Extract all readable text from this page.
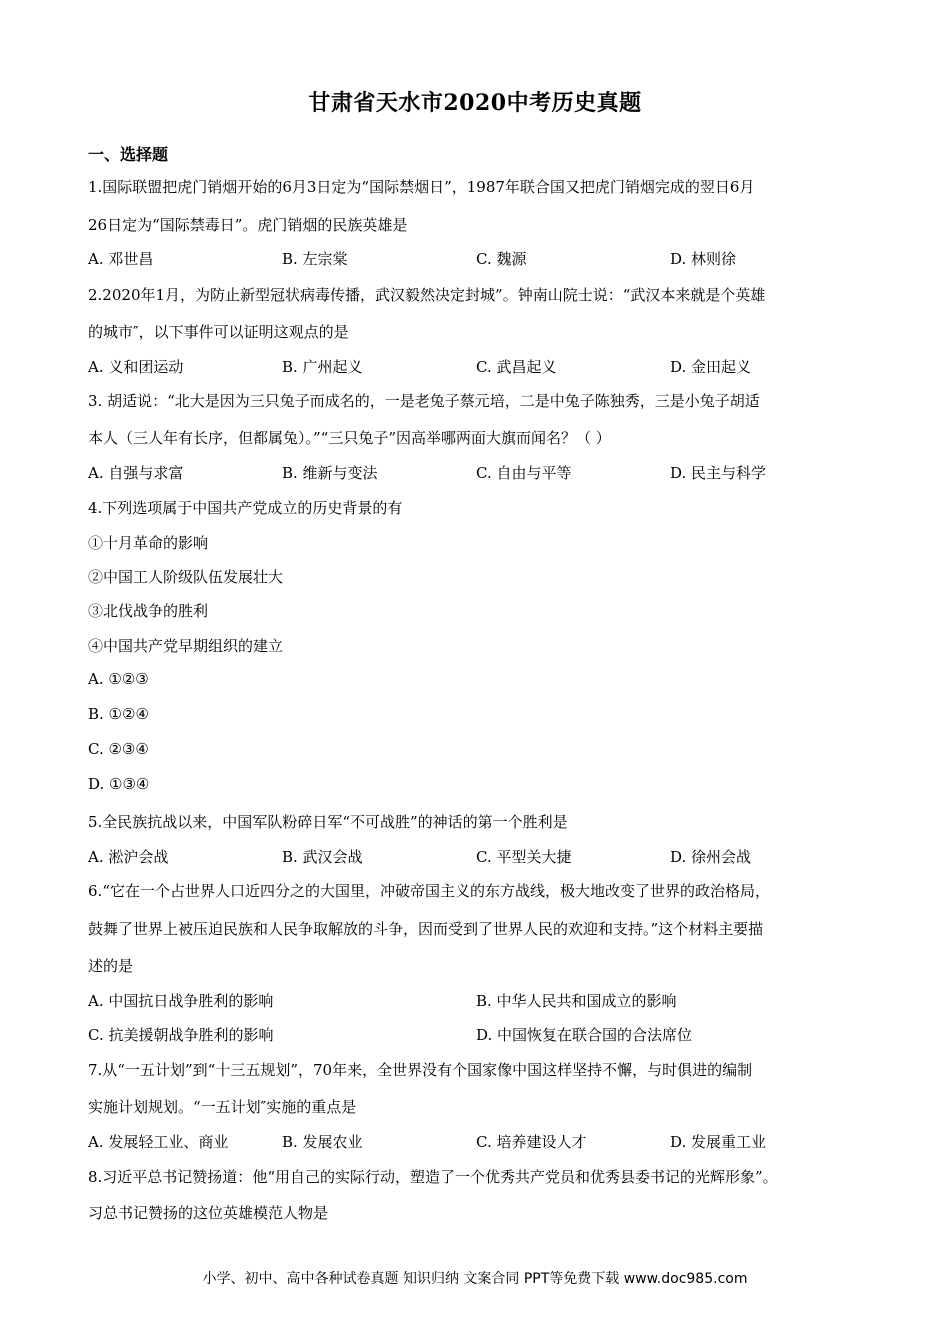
甘肃省天水市2020中考历史真题
一、选择题
1.国际联盟把虎门销烟开始的6月3日定为“国际禁烟日”，1987年联合国又把虎门销烟完成的翌日6月
26日定为“国际禁毒日”。虎门销烟的民族英雄是
A. 邓世昌	B. 左宗棠	C. 魏源	D. 林则徐
2.2020年1月，为防止新型冠状病毒传播，武汉毅然决定封城”。钟南山院士说：“武汉本来就是个英雄
的城市″，以下事件可以证明这观点的是
A. 义和团运动	B. 广州起义	C. 武昌起义	D. 金田起义
3. 胡适说：“北大是因为三只兔子而成名的，一是老兔子蔡元培，二是中兔子陈独秀，三是小兔子胡适
本人（三人年有长序，但都属兔）。”“三只兔子”因高举哪两面大旗而闻名？（ ）
A. 自强与求富	B. 维新与变法	C. 自由与平等	D. 民主与科学
4.下列选项属于中国共产党成立的历史背景的有
①十月革命的影响
②中国工人阶级队伍发展壮大
③北伐战争的胜利
④中国共产党早期组织的建立
A. ①②③
B. ①②④
C. ②③④
D. ①③④
5.全民族抗战以来，中国军队粉碎日军“不可战胜”的神话的第一个胜利是
A. 淞沪会战	B. 武汉会战	C. 平型关大捷	D. 徐州会战
6.“它在一个占世界人口近四分之的大国里，冲破帝国主义的东方战线，极大地改变了世界的政治格局，
鼓舞了世界上被压迫民族和人民争取解放的斗争，因而受到了世界人民的欢迎和支持。”这个材料主要描
述的是
A. 中国抗日战争胜利的影响	B. 中华人民共和国成立的影响
C. 抗美援朝战争胜利的影响	D. 中国恢复在联合国的合法席位
7.从“一五计划”到“十三五规划”，70年来，全世界没有个国家像中国这样坚持不懈，与时俱进的编制
实施计划规划。“一五计划″实施的重点是
A. 发展轻工业、商业	B. 发展农业	C. 培养建设人才	D. 发展重工业
8.习近平总书记赞扬道：他“用自己的实际行动，塑造了一个优秀共产党员和优秀县委书记的光辉形象”。
习总书记赞扬的这位英雄模范人物是
小学、初中、高中各种试卷真题 知识归纳 文案合同 PPT等免费下载 www.doc985.com
